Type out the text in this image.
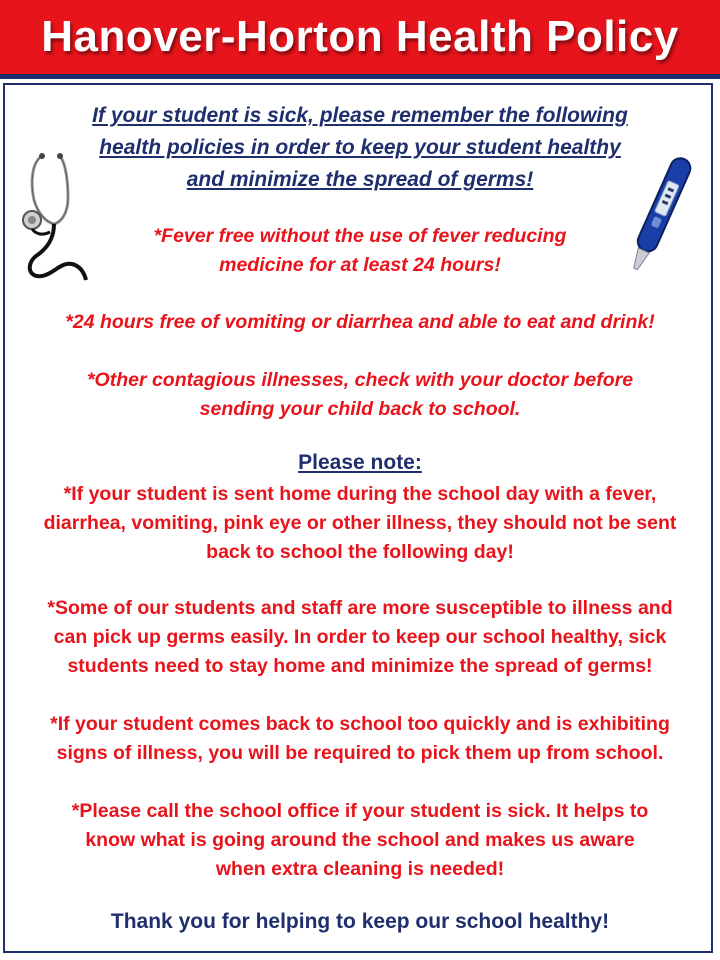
Hanover-Horton Health Policy
If your student is sick, please remember the following
health policies in order to keep your student healthy
and minimize the spread of germs!
*Fever free without the use of fever reducing
medicine for at least 24 hours!
*24 hours free of vomiting or diarrhea and able to eat and drink!
*Other contagious illnesses, check with your doctor before
sending your child back to school.
Please note:
*If your student is sent home during the school day with a fever,
diarrhea, vomiting, pink eye or other illness, they should not be sent
back to school the following day!
*Some of our students and staff are more susceptible to illness and
can pick up germs easily. In order to keep our school healthy, sick
students need to stay home and minimize the spread of germs!
*If your student comes back to school too quickly and is exhibiting
signs of illness, you will be required to pick them up from school.
*Please call the school office if your student is sick. It helps to
know what is going around the school and makes us aware
when extra cleaning is needed!
Thank you for helping to keep our school healthy!
